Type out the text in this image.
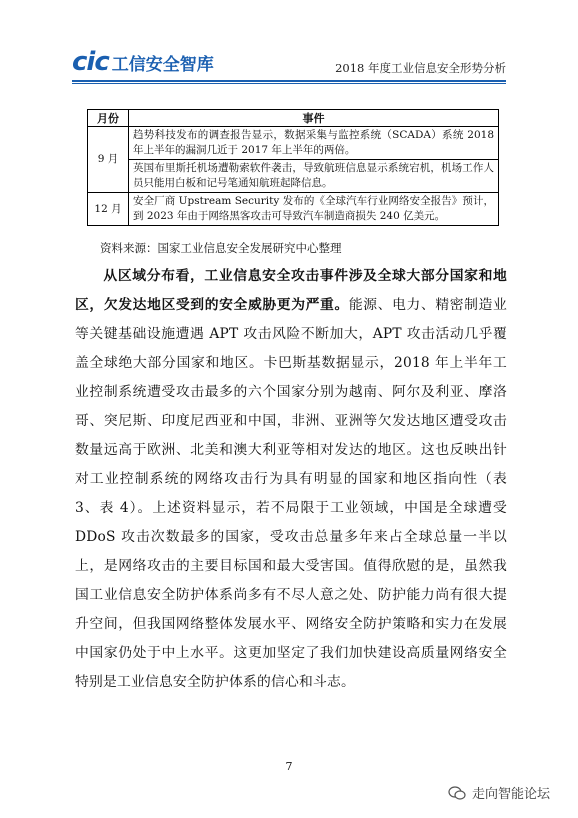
cic 工信安全智库	2018 年度工业信息安全形势分析
月份	事件
9 月	趋势科技发布的调查报告显示，数据采集与监控系统（SCADA）系统 2018 年上半年的漏洞几近于 2017 年上半年的两倍。
	英国布里斯托机场遭勒索软件袭击，导致航班信息显示系统宕机，机场工作人员只能用白板和记号笔通知航班起降信息。
12 月	安全厂商 Upstream Security 发布的《全球汽车行业网络安全报告》预计，到 2023 年由于网络黑客攻击可导致汽车制造商损失 240 亿美元。
资料来源：国家工业信息安全发展研究中心整理

从区域分布看，工业信息安全攻击事件涉及全球大部分国家和地区，欠发达地区受到的安全威胁更为严重。能源、电力、精密制造业等关键基础设施遭遇 APT 攻击风险不断加大，APT 攻击活动几乎覆盖全球绝大部分国家和地区。卡巴斯基数据显示，2018 年上半年工业控制系统遭受攻击最多的六个国家分别为越南、阿尔及利亚、摩洛哥、突尼斯、印度尼西亚和中国，非洲、亚洲等欠发达地区遭受攻击数量远高于欧洲、北美和澳大利亚等相对发达的地区。这也反映出针对工业控制系统的网络攻击行为具有明显的国家和地区指向性（表 3、表 4）。上述资料显示，若不局限于工业领域，中国是全球遭受 DDoS 攻击次数最多的国家，受攻击总量多年来占全球总量一半以上，是网络攻击的主要目标国和最大受害国。值得欣慰的是，虽然我国工业信息安全防护体系尚多有不尽人意之处、防护能力尚有很大提升空间，但我国网络整体发展水平、网络安全防护策略和实力在发展中国家仍处于中上水平。这更加坚定了我们加快建设高质量网络安全特别是工业信息安全防护体系的信心和斗志。

7
走向智能论坛
